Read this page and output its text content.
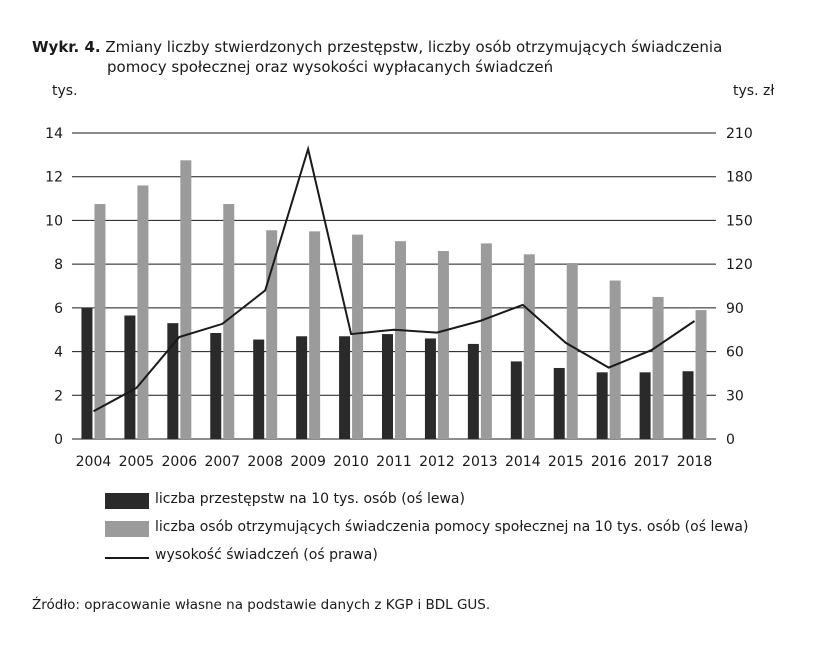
Wykr. 4. Zmiany liczby stwierdzonych przestępstw, liczby osób otrzymujących świadczenia
pomocy społecznej oraz wysokości wypłacanych świadczeń
0
2
4
6
8
10
12
14
0
30
60
90
120
150
180
210
2004 2005 2006 2007 2008 2009 2010 2011 2012 2013 2014 2015 2016 2017 2018
tys.	tys. zł
liczba przestępstw na 10 tys. osób (oś lewa)
liczba osób otrzymujących świadczenia pomocy społecznej na 10 tys. osób (oś lewa)
wysokość świadczeń (oś prawa)
Źródło: opracowanie własne na podstawie danych z KGP i BDL GUS.
